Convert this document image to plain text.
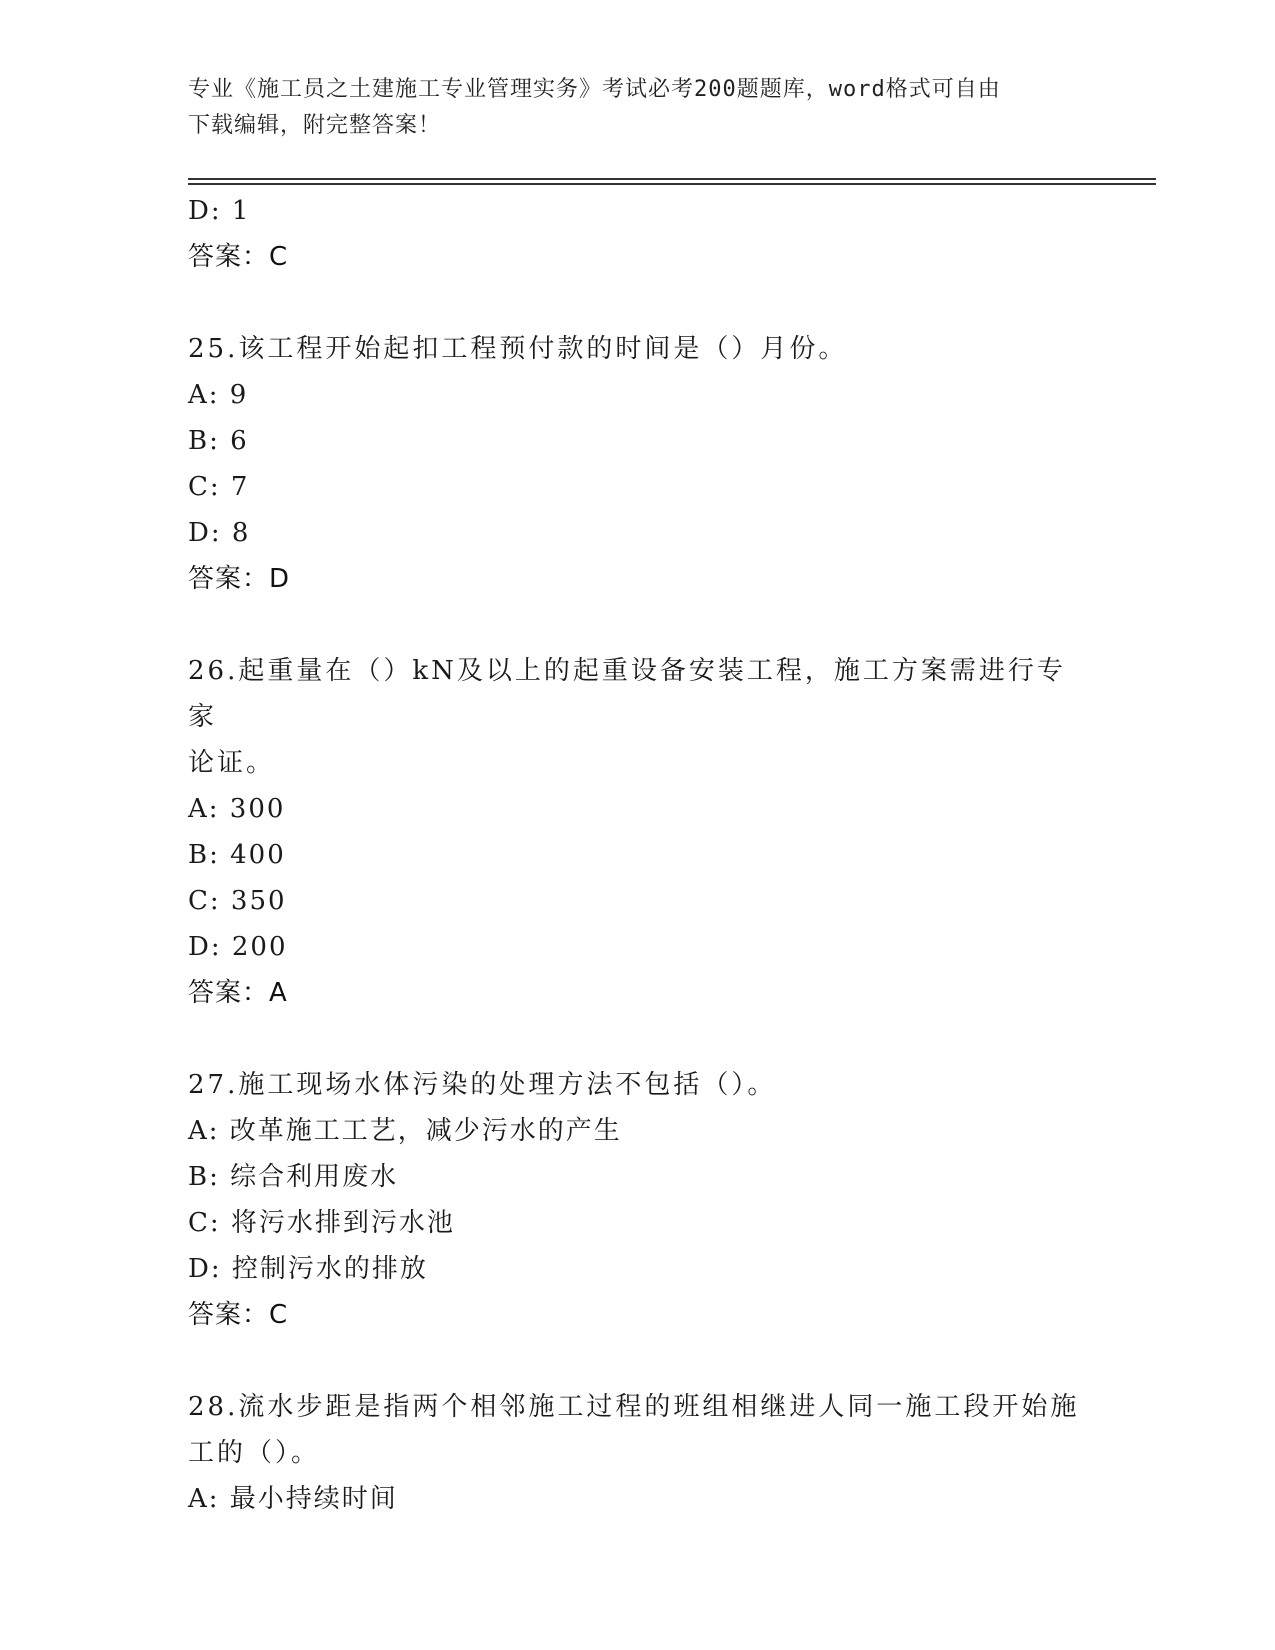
专业《施工员之土建施工专业管理实务》考试必考200题题库，word格式可自由
下载编辑，附完整答案！
D: 1
答案：C
25.该工程开始起扣工程预付款的时间是（）月份。
A: 9
B: 6
C: 7
D: 8
答案：D
26.起重量在（）kN及以上的起重设备安装工程，施工方案需进行专家
论证。
A: 300
B: 400
C: 350
D: 200
答案：A
27.施工现场水体污染的处理方法不包括（）。
A: 改革施工工艺，减少污水的产生
B: 综合利用废水
C: 将污水排到污水池
D: 控制污水的排放
答案：C
28.流水步距是指两个相邻施工过程的班组相继进人同一施工段开始施
工的（）。
A: 最小持续时间
